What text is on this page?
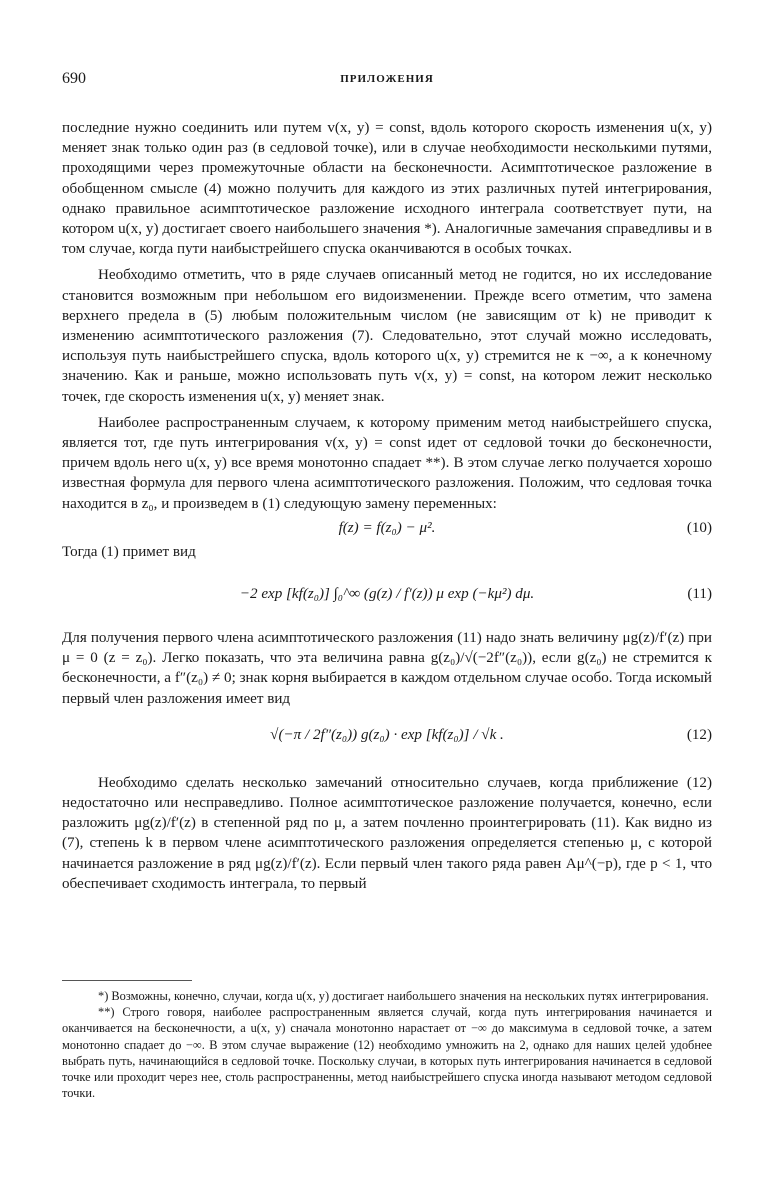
690	ПРИЛОЖЕНИЯ

последние нужно соединить или путем v(x, y) = const, вдоль которого скорость изменения u(x, y) меняет знак только один раз (в седловой точке), или в случае необходимости несколькими путями, проходящими через промежуточные области на бесконечности. Асимптотическое разложение в обобщенном смысле (4) можно получить для каждого из этих различных путей интегрирования, однако правильное асимптотическое разложение исходного интеграла соответствует пути, на котором u(x, y) достигает своего наибольшего значения *). Аналогичные замечания справедливы и в том случае, когда пути наибыстрейшего спуска оканчиваются в особых точках.

Необходимо отметить, что в ряде случаев описанный метод не годится, но их исследование становится возможным при небольшом его видоизменении. Прежде всего отметим, что замена верхнего предела в (5) любым положительным числом (не зависящим от k) не приводит к изменению асимптотического разложения (7). Следовательно, этот случай можно исследовать, используя путь наибыстрейшего спуска, вдоль которого u(x, y) стремится не к −∞, а к конечному значению. Как и раньше, можно использовать путь v(x, y) = const, на котором лежит несколько точек, где скорость изменения u(x, y) меняет знак.

Наиболее распространенным случаем, к которому применим метод наибыстрейшего спуска, является тот, где путь интегрирования v(x, y) = const идет от седловой точки до бесконечности, причем вдоль него u(x, y) все время монотонно спадает **). В этом случае легко получается хорошо известная формула для первого члена асимптотического разложения. Положим, что седловая точка находится в z₀, и произведем в (1) следующую замену переменных:

f(z) = f(z₀) − μ².	(10)

Тогда (1) примет вид

−2 exp [kf(z₀)] ∫₀^∞ (g(z) / f′(z)) μ exp (−kμ²) dμ.	(11)

Для получения первого члена асимптотического разложения (11) надо знать величину μg(z)/f′(z) при μ = 0 (z = z₀). Легко показать, что эта величина равна g(z₀)/√(−2f″(z₀)), если g(z₀) не стремится к бесконечности, а f″(z₀) ≠ 0; знак корня выбирается в каждом отдельном случае особо. Тогда искомый первый член разложения имеет вид

√(−π / 2f″(z₀)) g(z₀) · exp [kf(z₀)] / √k .	(12)

Необходимо сделать несколько замечаний относительно случаев, когда приближение (12) недостаточно или несправедливо. Полное асимптотическое разложение получается, конечно, если разложить μg(z)/f′(z) в степенной ряд по μ, а затем почленно проинтегрировать (11). Как видно из (7), степень k в первом члене асимптотического разложения определяется степенью μ, с которой начинается разложение в ряд μg(z)/f′(z). Если первый член такого ряда равен Aμ^(−p), где p < 1, что обеспечивает сходимость интеграла, то первый

*) Возможны, конечно, случаи, когда u(x, y) достигает наибольшего значения на нескольких путях интегрирования.

**) Строго говоря, наиболее распространенным является случай, когда путь интегрирования начинается и оканчивается на бесконечности, а u(x, y) сначала монотонно нарастает от −∞ до максимума в седловой точке, а затем монотонно спадает до −∞. В этом случае выражение (12) необходимо умножить на 2, однако для наших целей удобнее выбрать путь, начинающийся в седловой точке. Поскольку случаи, в которых путь интегрирования начинается в седловой точке или проходит через нее, столь распространенны, метод наибыстрейшего спуска иногда называют методом седловой точки.
